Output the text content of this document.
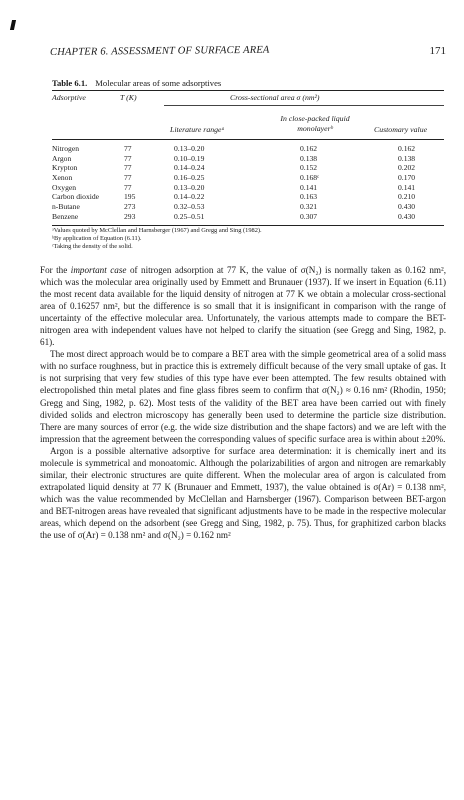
CHAPTER 6. ASSESSMENT OF SURFACE AREA	171
Table 6.1. Molecular areas of some adsorptives
Adsorptive	T (K)	Cross-sectional area σ (nm²)
Literature rangeᵃ
In close-packed liquid monolayerᵇ	Customary value
Nitrogen	77	0.13–0.20	0.162	0.162
Argon	77	0.10–0.19	0.138	0.138
Krypton	77	0.14–0.24	0.152	0.202
Xenon	77	0.16–0.25	0.168ᶜ	0.170
Oxygen	77	0.13–0.20	0.141	0.141
Carbon dioxide	195	0.14–0.22	0.163	0.210
n-Butane	273	0.32–0.53	0.321	0.430
Benzene	293	0.25–0.51	0.307	0.430
ᵃValues quoted by McClellan and Harnsberger (1967) and Gregg and Sing (1982).
ᵇBy application of Equation (6.11).
ᶜTaking the density of the solid.

For the important case of nitrogen adsorption at 77 K, the value of σ(N₂) is normally taken as 0.162 nm², which was the molecular area originally used by Emmett and Brunauer (1937). If we insert in Equation (6.11) the most recent data available for the liquid density of nitrogen at 77 K we obtain a molecular cross-sectional area of 0.16257 nm², but the difference is so small that it is insignificant in comparison with the range of uncertainty of the effective molecular area. Unfortunately, the various attempts made to compare the BET-nitrogen area with independent values have not helped to clarify the situation (see Gregg and Sing, 1982, p. 61).

The most direct approach would be to compare a BET area with the simple geometrical area of a solid mass with no surface roughness, but in practice this is extremely difficult because of the very small uptake of gas. It is not surprising that very few studies of this type have ever been attempted. The few results obtained with electropolished thin metal plates and fine glass fibres seem to confirm that σ(N₂) ≈ 0.16 nm² (Rhodin, 1950; Gregg and Sing, 1982, p. 62). Most tests of the validity of the BET area have been carried out with finely divided solids and electron microscopy has generally been used to determine the particle size distribution. There are many sources of error (e.g. the wide size distribution and the shape factors) and we are left with the impression that the agreement between the corresponding values of specific surface area is within about ±20%.

Argon is a possible alternative adsorptive for surface area determination: it is chemically inert and its molecule is symmetrical and monoatomic. Although the polarizabilities of argon and nitrogen are remarkably similar, their electronic structures are quite different. When the molecular area of argon is calculated from extrapolated liquid density at 77 K (Brunauer and Emmett, 1937), the value obtained is σ(Ar) = 0.138 nm², which was the value recommended by McClellan and Harnsberger (1967). Comparison between BET-argon and BET-nitrogen areas have revealed that significant adjustments have to be made in the respective molecular areas, which depend on the adsorbent (see Gregg and Sing, 1982, p. 75). Thus, for graphitized carbon blacks the use of σ(Ar) = 0.138 nm² and σ(N₂) = 0.162 nm²
